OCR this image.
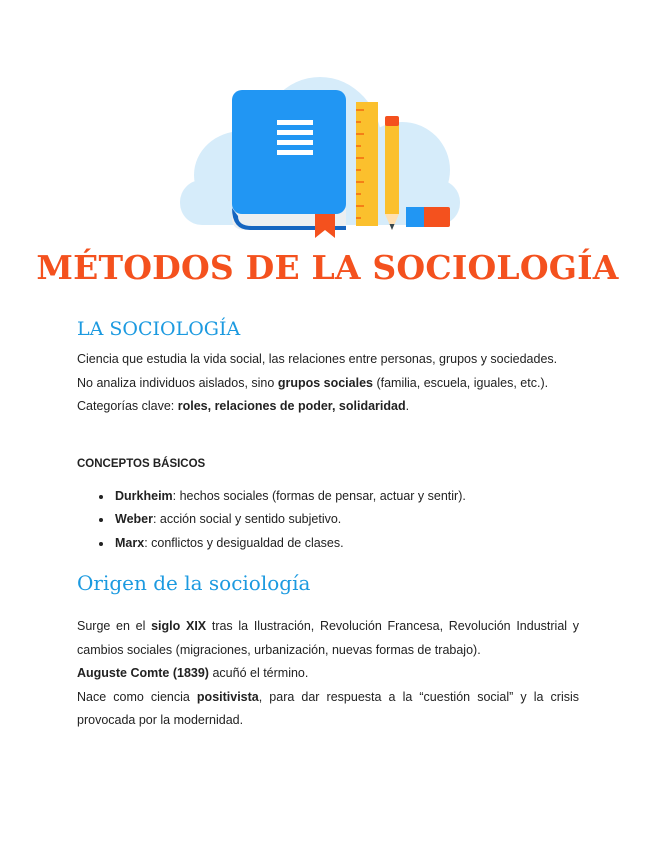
MÉTODOS DE LA SOCIOLOGÍA
LA SOCIOLOGÍA

Ciencia que estudia la vida social, las relaciones entre personas, grupos y sociedades.

No analiza individuos aislados, sino grupos sociales (familia, escuela, iguales, etc.).

Categorías clave: roles, relaciones de poder, solidaridad.

CONCEPTOS BÁSICOS
• Durkheim: hechos sociales (formas de pensar, actuar y sentir).
• Weber: acción social y sentido subjetivo.
• Marx: conflictos y desigualdad de clases.
Origen de la sociología

Surge en el siglo XIX tras la Ilustración, Revolución Francesa, Revolución Industrial y cambios sociales (migraciones, urbanización, nuevas formas de trabajo).

Auguste Comte (1839) acuñó el término.

Nace como ciencia positivista, para dar respuesta a la “cuestión social” y la crisis provocada por la modernidad.
